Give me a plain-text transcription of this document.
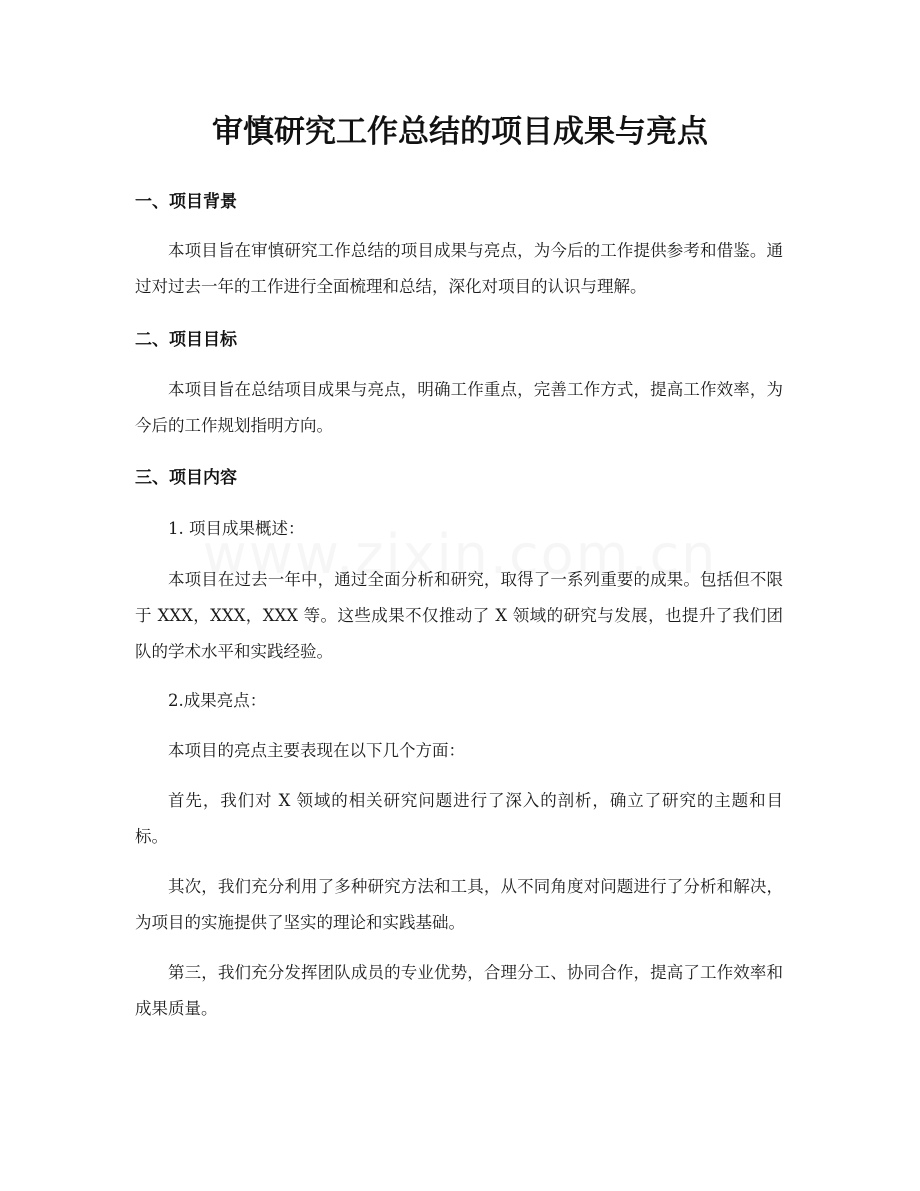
审慎研究工作总结的项目成果与亮点
一、项目背景

本项目旨在审慎研究工作总结的项目成果与亮点，为今后的工作提供参考和借鉴。通过对过去一年的工作进行全面梳理和总结，深化对项目的认识与理解。

二、项目目标

本项目旨在总结项目成果与亮点，明确工作重点，完善工作方式，提高工作效率，为今后的工作规划指明方向。

三、项目内容

1. 项目成果概述：

本项目在过去一年中，通过全面分析和研究，取得了一系列重要的成果。包括但不限于 XXX，XXX，XXX 等。这些成果不仅推动了 X 领域的研究与发展，也提升了我们团队的学术水平和实践经验。

2.成果亮点：

本项目的亮点主要表现在以下几个方面：

首先，我们对 X 领域的相关研究问题进行了深入的剖析，确立了研究的主题和目标。

其次，我们充分利用了多种研究方法和工具，从不同角度对问题进行了分析和解决，为项目的实施提供了坚实的理论和实践基础。

第三，我们充分发挥团队成员的专业优势，合理分工、协同合作，提高了工作效率和成果质量。
